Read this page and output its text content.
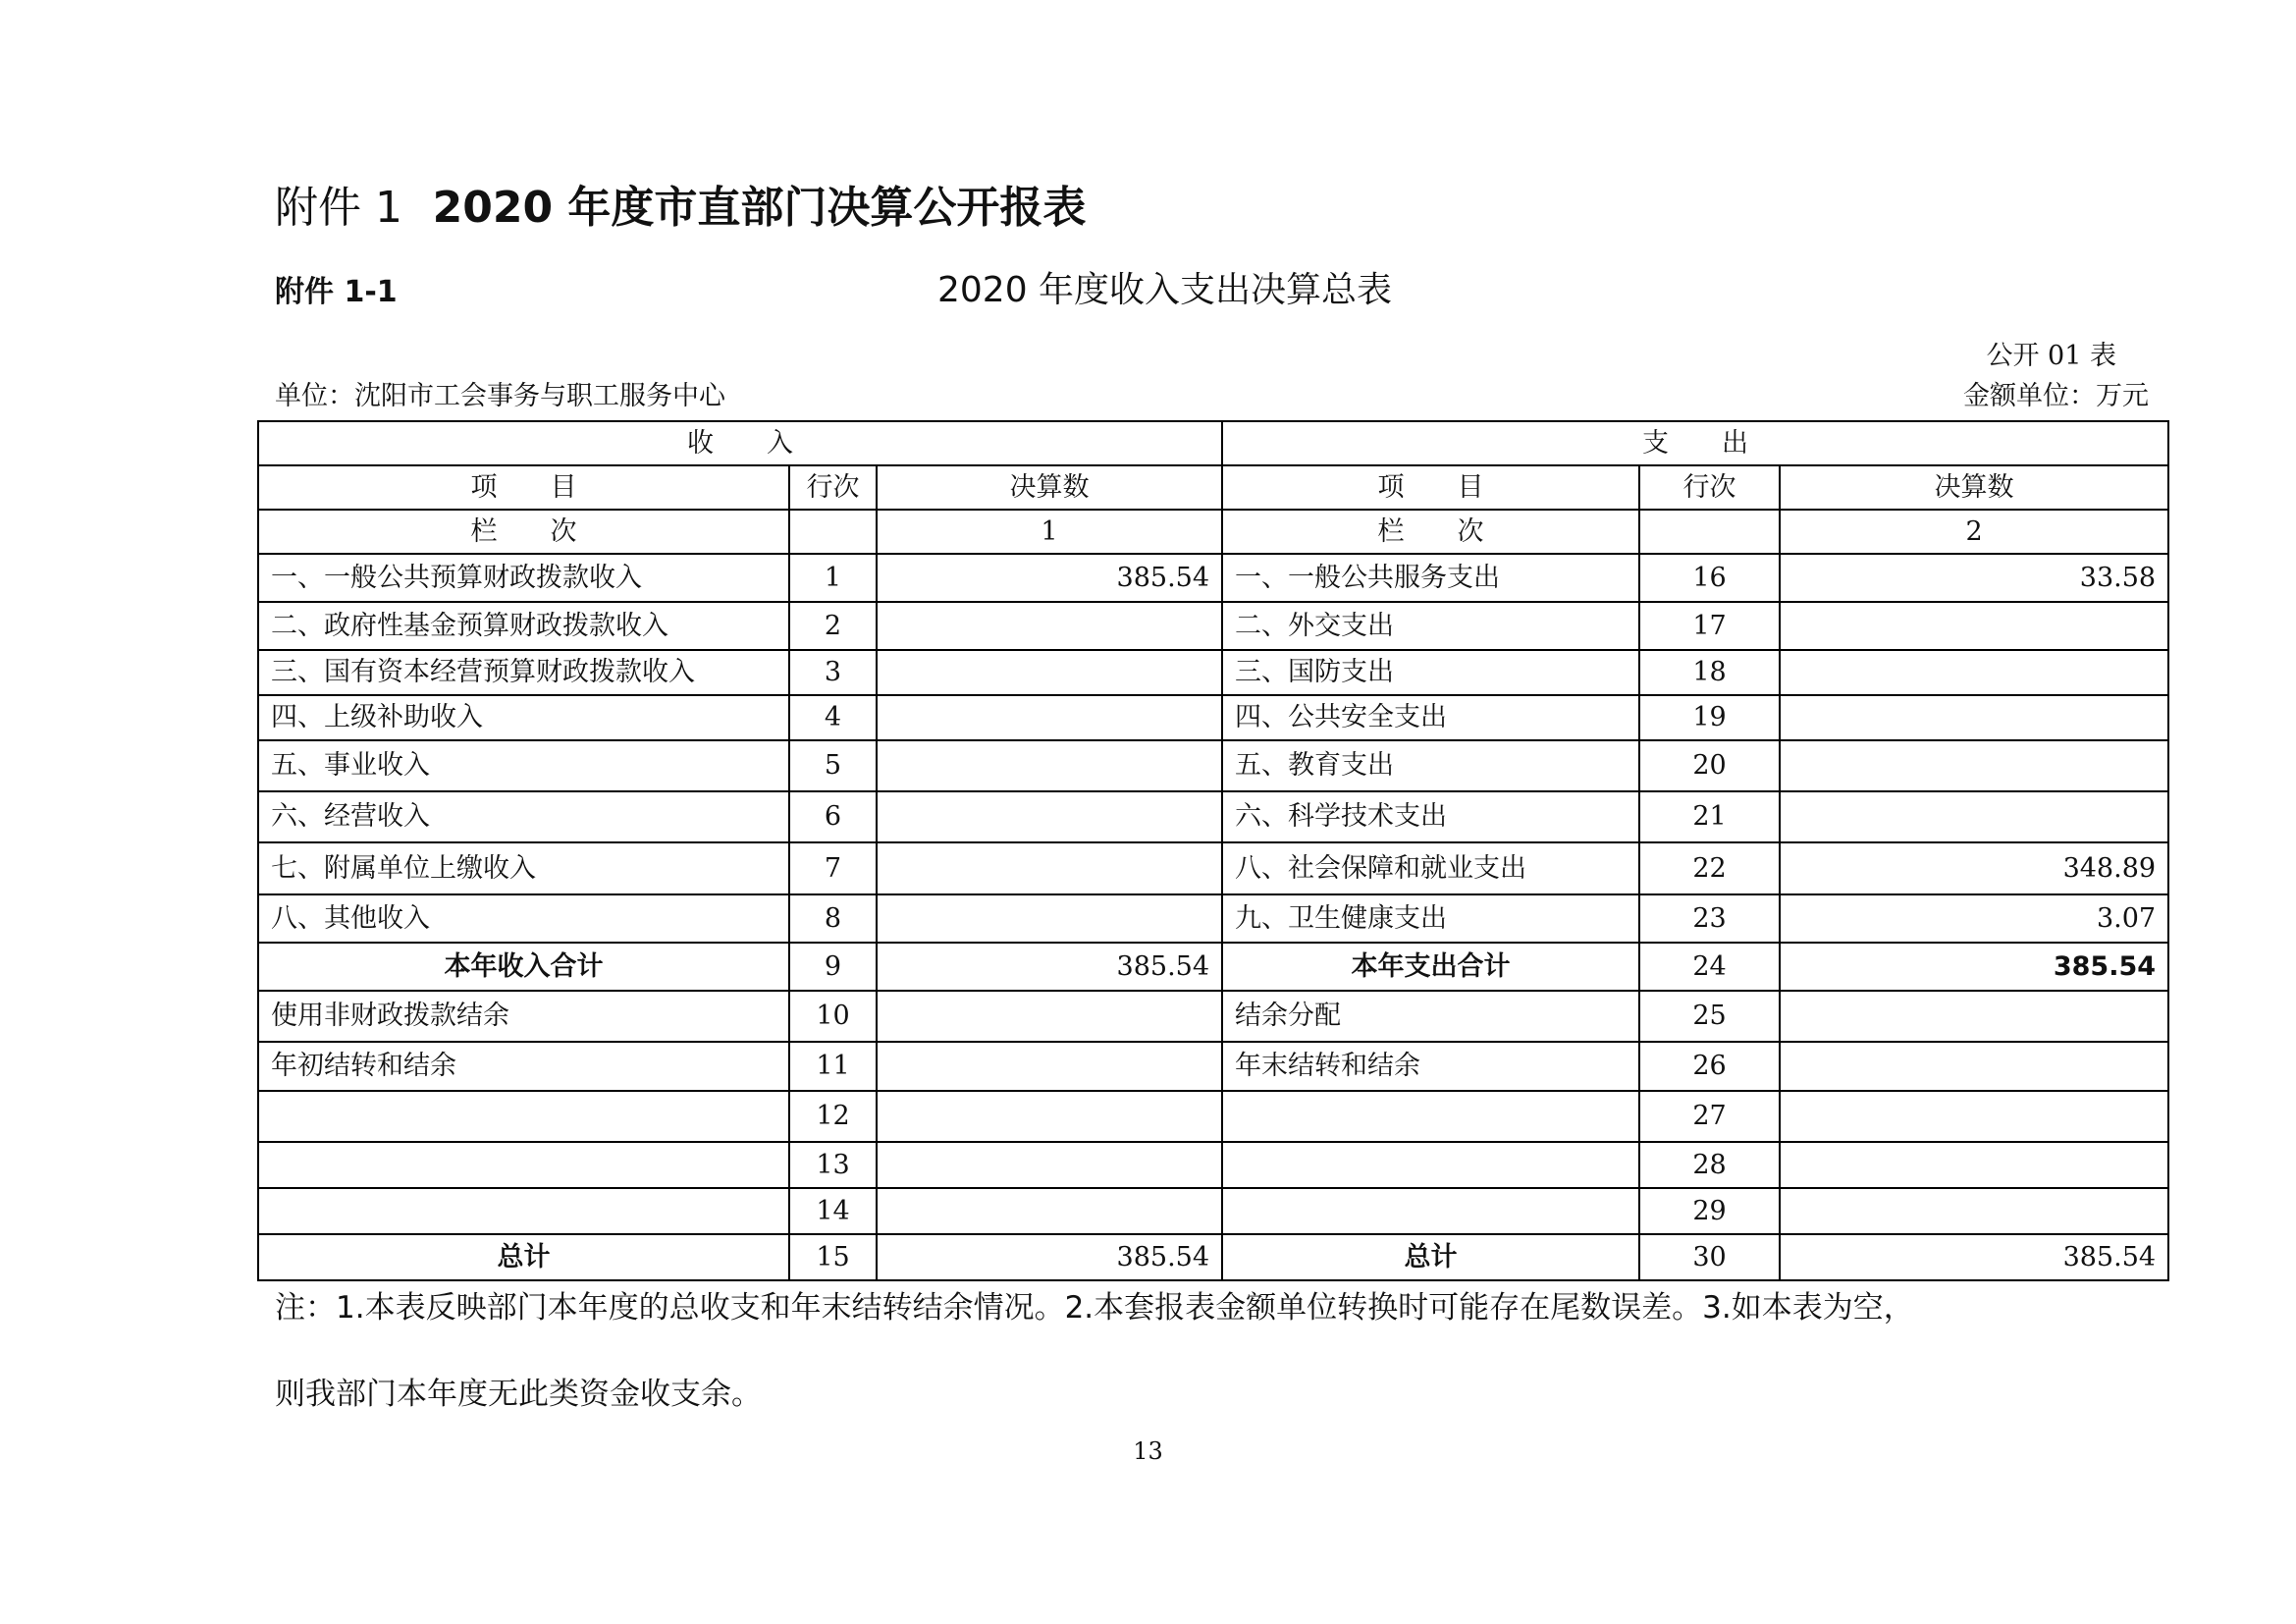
附件 1 2020 年度市直部门决算公开报表
附件 1-1	2020 年度收入支出决算总表
公开 01 表
单位：沈阳市工会事务与职工服务中心	金额单位：万元
收　　入			支　　出		
项　　目	行次	决算数	项　　目	行次	决算数
栏　　次		1	栏　　次		2
一、一般公共预算财政拨款收入	1	385.54	一、一般公共服务支出	16	33.58
二、政府性基金预算财政拨款收入	2		二、外交支出	17	
三、国有资本经营预算财政拨款收入	3		三、国防支出	18	
四、上级补助收入	4		四、公共安全支出	19	
五、事业收入	5		五、教育支出	20	
六、经营收入	6		六、科学技术支出	21	
七、附属单位上缴收入	7		八、社会保障和就业支出	22	348.89
八、其他收入	8		九、卫生健康支出	23	3.07
本年收入合计	9	385.54	本年支出合计	24	385.54
使用非财政拨款结余	10		结余分配	25	
年初结转和结余	11		年末结转和结余	26	
	12			27	
	13			28	
	14			29	
总计	15	385.54	总计	30	385.54
注：1.本表反映部门本年度的总收支和年末结转结余情况。2.本套报表金额单位转换时可能存在尾数误差。3.如本表为空，
则我部门本年度无此类资金收支余。
13
